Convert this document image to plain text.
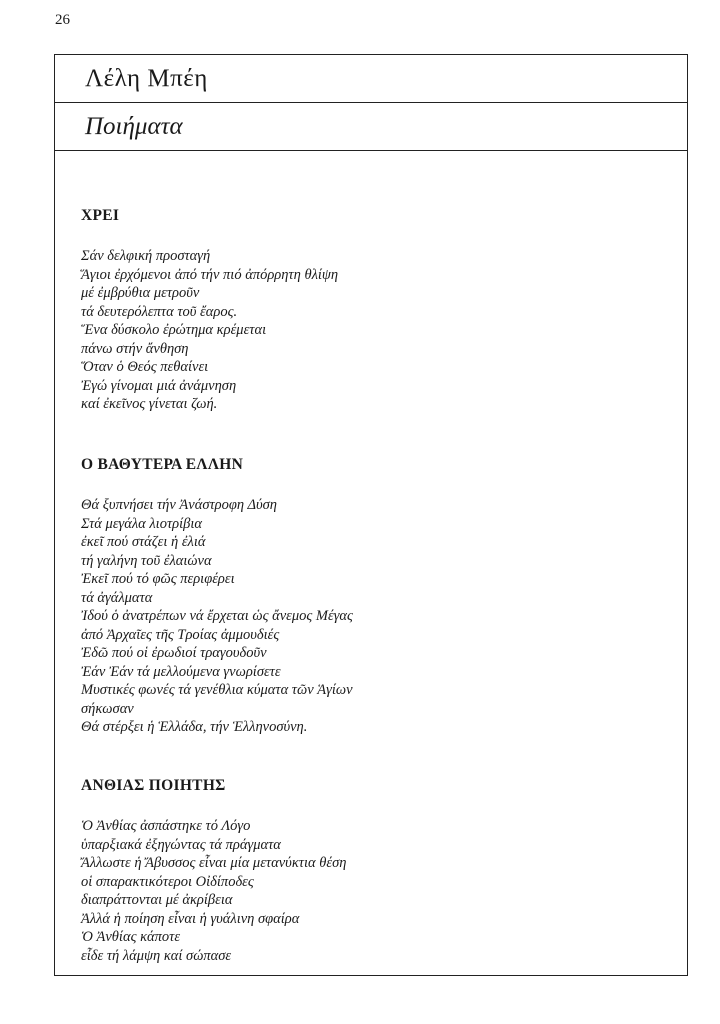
26
Λέλη Μπέη
Ποιήματα
ΧΡΕΙ
Σάν δελφική προσταγή
Ἅγιοι ἐρχόμενοι ἀπό τήν πιό ἀπόρρητη θλίψη
μέ ἐμβρύθια μετροῦν
τά δευτερόλεπτα τοῦ ἔαρος.
Ἕνα δύσκολο ἐρώτημα κρέμεται
πάνω στήν ἄνθηση
Ὅταν ὁ Θεός πεθαίνει
Ἐγώ γίνομαι μιά ἀνάμνηση
καί ἐκεῖνος γίνεται ζωή.
Ο ΒΑΘΥΤΕΡΑ ΕΛΛΗΝ
Θά ξυπνήσει τήν Ἀνάστροφη Δύση
Στά μεγάλα λιοτρίβια
ἐκεῖ πού στάζει ἡ ἐλιά
τή γαλήνη τοῦ ἐλαιώνα
Ἐκεῖ πού τό φῶς περιφέρει
τά ἀγάλματα
Ἰδού ὁ ἀνατρέπων νά ἔρχεται ὡς ἄνεμος Μέγας
ἀπό Ἀρχαῖες τῆς Τροίας ἀμμουδιές
Ἐδῶ πού οἱ ἐρωδιοί τραγουδοῦν
Ἐάν Ἐάν τά μελλούμενα γνωρίσετε
Μυστικές φωνές τά γενέθλια κύματα τῶν Ἁγίων
σήκωσαν
Θά στέρξει ἡ Ἑλλάδα, τήν Ἑλληνοσύνη.
ΑΝΘΙΑΣ ΠΟΙΗΤΗΣ
Ὁ Ἀνθίας ἀσπάστηκε τό Λόγο
ὑπαρξιακά ἐξηγώντας τά πράγματα
Ἄλλωστε ἡ Ἄβυσσος εἶναι μία μετανύκτια θέση
οἱ σπαρακτικότεροι Οἰδίποδες
διαπράττονται μέ ἀκρίβεια
Ἀλλά ἡ ποίηση εἶναι ἡ γυάλινη σφαίρα
Ὁ Ἀνθίας κάποτε
εἶδε τή λάμψη καί σώπασε
